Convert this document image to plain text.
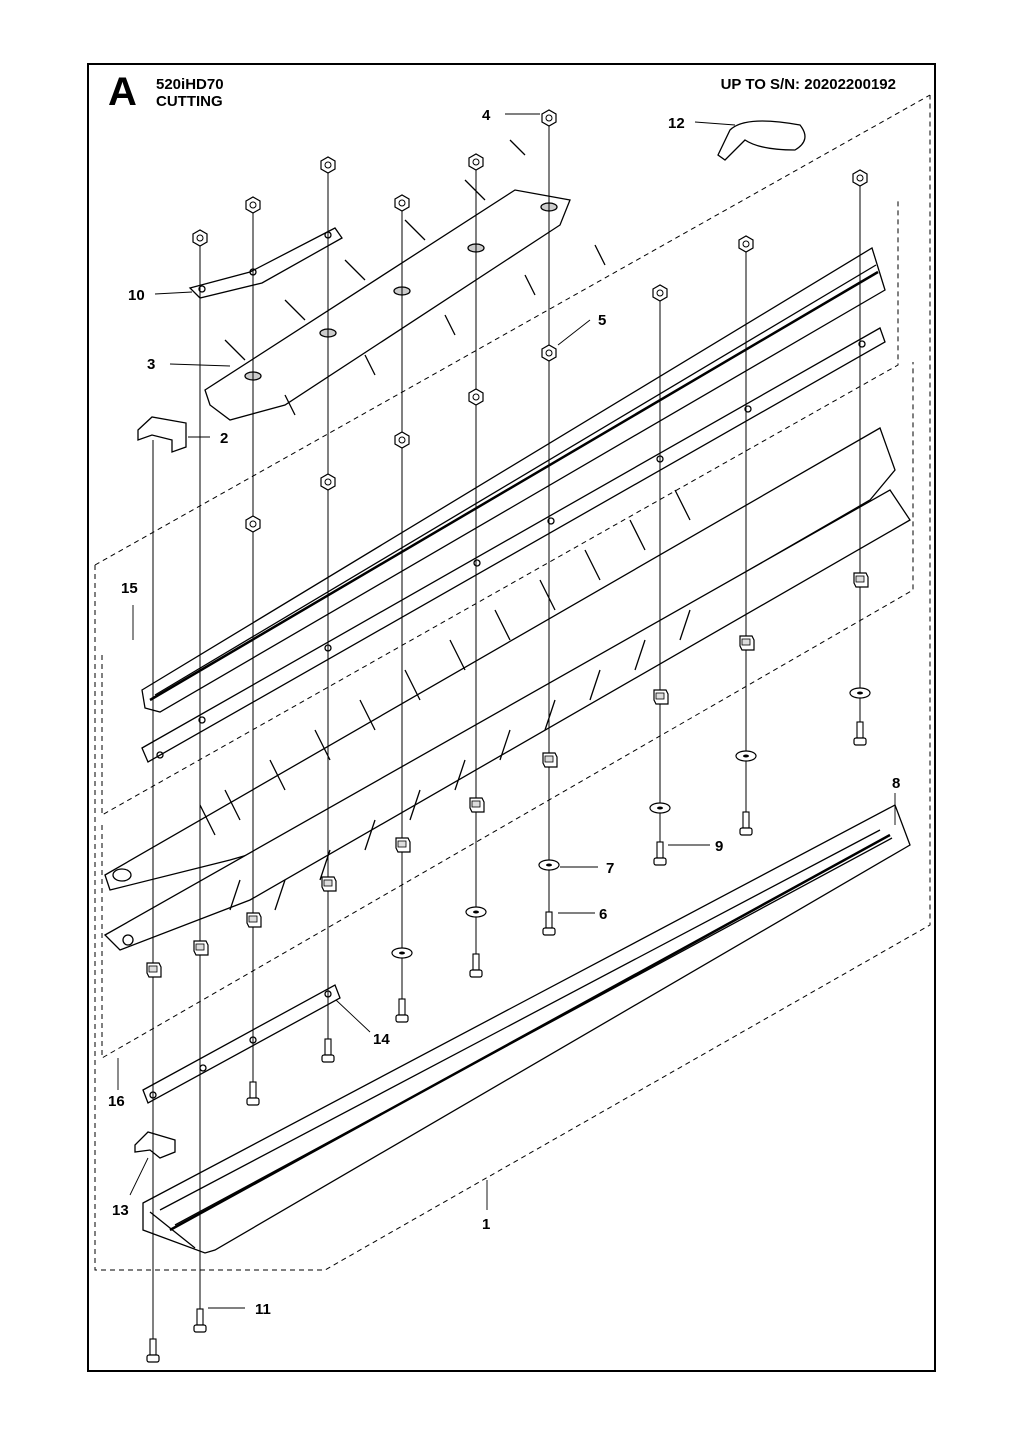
A 520iHD70
CUTTING
UP TO S/N: 20202200192
4	12
10
5
3
2
15
8
9
7
6
14
16
13
1
11
